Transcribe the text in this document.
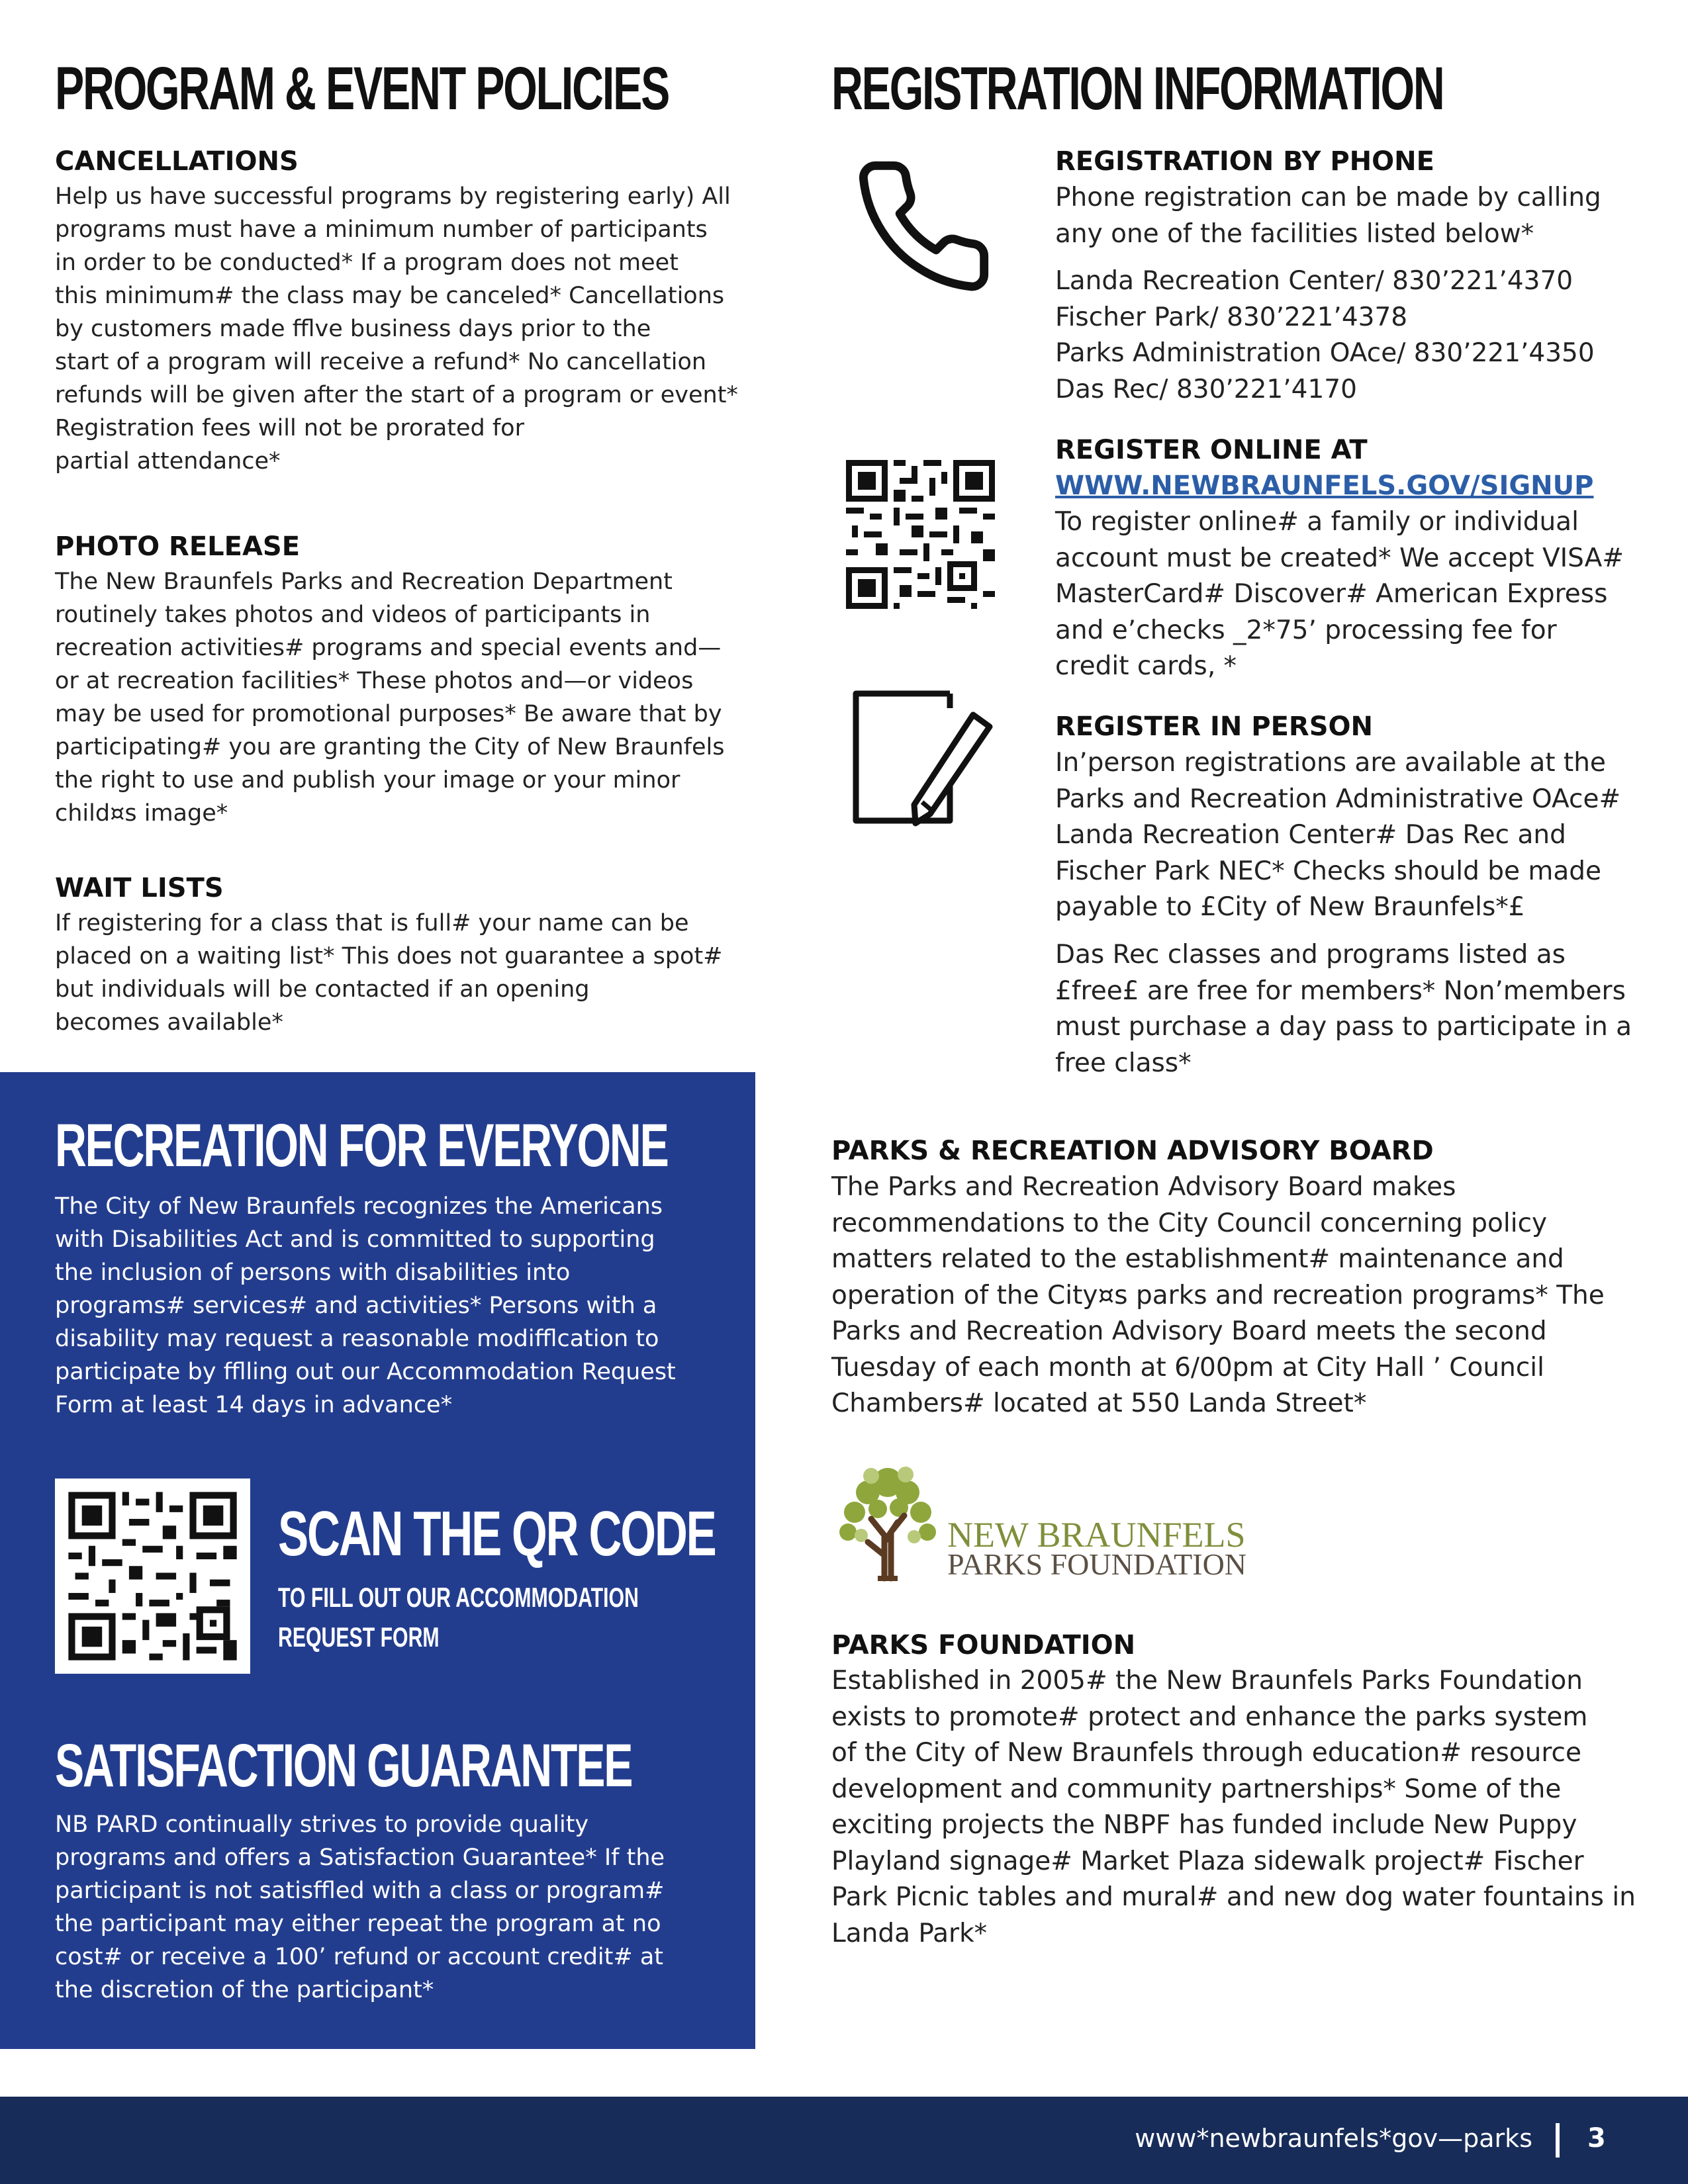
PROGRAM & EVENT POLICIES
CANCELLATIONS
Help us have successful programs by registering early) All
programs must have a minimum number of participants
in order to be conducted* If a program does not meet
this minimum# the class may be canceled* Cancellations
by customers made fflve business days prior to the
start of a program will receive a refund* No cancellation
refunds will be given after the start of a program or event*
Registration fees will not be prorated for
partial attendance*
PHOTO RELEASE
The New Braunfels Parks and Recreation Department
routinely takes photos and videos of participants in
recreation activities# programs and special events and—
or at recreation facilities* These photos and—or videos
may be used for promotional purposes* Be aware that by
participating# you are granting the City of New Braunfels
the right to use and publish your image or your minor
child¤s image*
WAIT LISTS
If registering for a class that is full# your name can be
placed on a waiting list* This does not guarantee a spot#
but individuals will be contacted if an opening
becomes available*
RECREATION FOR EVERYONE
The City of New Braunfels recognizes the Americans
with Disabilities Act and is committed to supporting
the inclusion of persons with disabilities into
programs# services# and activities* Persons with a
disability may request a reasonable modifflcation to
participate by fflling out our Accommodation Request
Form at least 14 days in advance*
SCAN THE QR CODE
TO FILL OUT OUR ACCOMMODATION
REQUEST FORM
SATISFACTION GUARANTEE
NB PARD continually strives to provide quality
programs and offers a Satisfaction Guarantee* If the
participant is not satisffled with a class or program#
the participant may either repeat the program at no
cost# or receive a 100’ refund or account credit# at
the discretion of the participant*
REGISTRATION INFORMATION
REGISTRATION BY PHONE
Phone registration can be made by calling
any one of the facilities listed below*
Landa Recreation Center/ 830’221’4370
Fischer Park/ 830’221’4378
Parks Administration OAce/ 830’221’4350
Das Rec/ 830’221’4170
REGISTER ONLINE AT
WWW.NEWBRAUNFELS.GOV/SIGNUP
To register online# a family or individual
account must be created* We accept VISA#
MasterCard# Discover# American Express
and e’checks _2*75’ processing fee for
credit cards‚ *
REGISTER IN PERSON
In’person registrations are available at the
Parks and Recreation Administrative OAce#
Landa Recreation Center# Das Rec and
Fischer Park NEC* Checks should be made
payable to £City of New Braunfels*£
Das Rec classes and programs listed as
£free£ are free for members* Non’members
must purchase a day pass to participate in a
free class*
PARKS & RECREATION ADVISORY BOARD
The Parks and Recreation Advisory Board makes
recommendations to the City Council concerning policy
matters related to the establishment# maintenance and
operation of the City¤s parks and recreation programs* The
Parks and Recreation Advisory Board meets the second
Tuesday of each month at 6/00pm at City Hall ’ Council
Chambers# located at 550 Landa Street*
NEW BRAUNFELS
PARKS FOUNDATION
PARKS FOUNDATION
Established in 2005# the New Braunfels Parks Foundation
exists to promote# protect and enhance the parks system
of the City of New Braunfels through education# resource
development and community partnerships* Some of the
exciting projects the NBPF has funded include New Puppy
Playland signage# Market Plaza sidewalk project# Fischer
Park Picnic tables and mural# and new dog water fountains in
Landa Park*
www*newbraunfels*gov—parks 3
